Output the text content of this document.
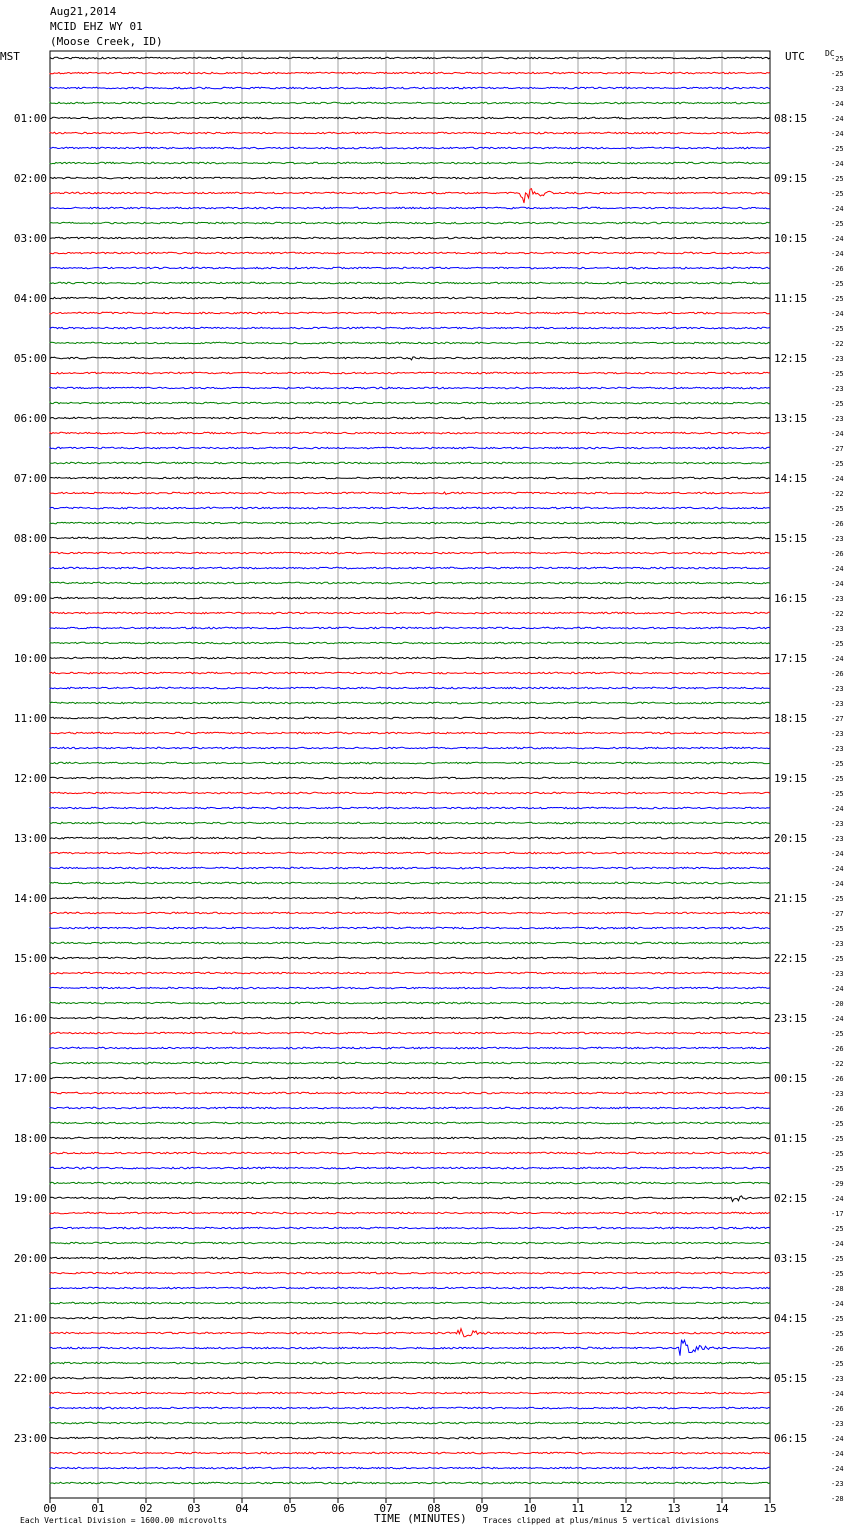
Aug21,2014
MCID EHZ WY 01
(Moose Creek, ID)
MST	UTC	DC
01:00
02:00
03:00
04:00
05:00
06:00
07:00
08:00
09:00
10:00
11:00
12:00
13:00
14:00
15:00
16:00
17:00
18:00
19:00
20:00
21:00
22:00
23:00
08:15
09:15
10:15
11:15
12:15
13:15
14:15
15:15
16:15
17:15
18:15
19:15
20:15
21:15
22:15
23:15
00:15
01:15
02:15
03:15
04:15
05:15
06:15
-25
-25
-23
-24
-24
-24
-25
-24
-25
-25
-24
-25
-24
-24
-26
-25
-25
-24
-25
-22
-23
-25
-23
-25
-23
-24
-27
-25
-24
-22
-25
-26
-23
-26
-24
-24
-23
-22
-23
-25
-24
-26
-23
-23
-27
-23
-23
-25
-25
-25
-24
-23
-23
-24
-24
-24
-25
-27
-25
-23
-25
-23
-24
-20
-24
-25
-26
-22
-26
-23
-26
-25
-25
-25
-25
-29
-24
-17
-25
-24
-25
-25
-28
-24
-25
-25
-26
-25
-23
-24
-26
-23
-24
-24
-24
-23
-28
00	01	02	03	04	05	06	07	08	09	10	11	12	13	14	15
Each Vertical Division = 1600.00 microvolts	TIME (MINUTES) Traces clipped at plus/minus 5 vertical divisions
